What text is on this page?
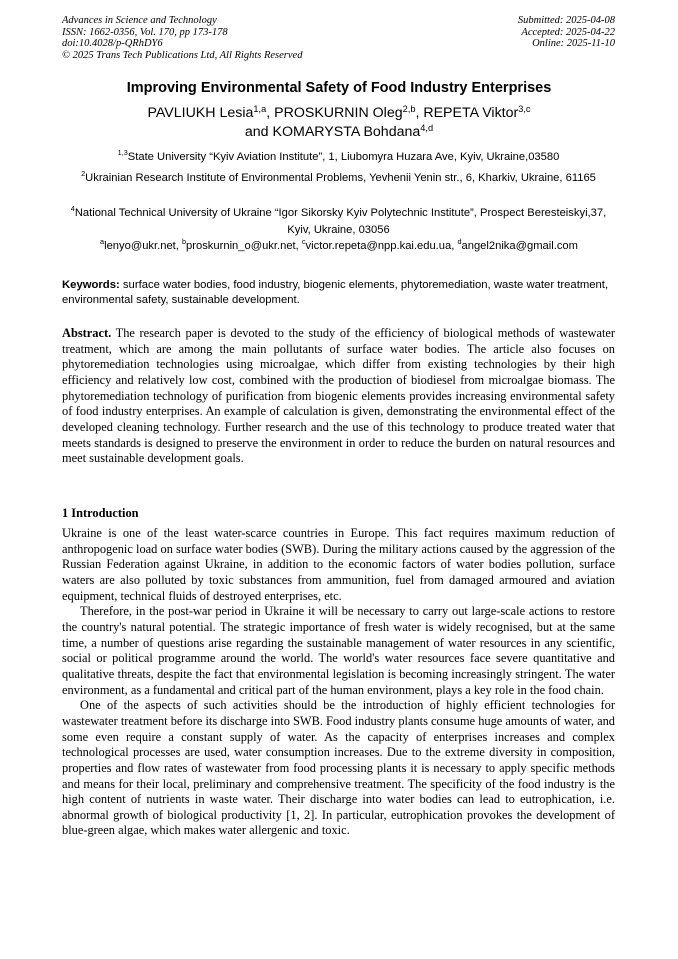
Advances in Science and Technology
ISSN: 1662-0356, Vol. 170, pp 173-178
doi:10.4028/p-QRhDY6
© 2025 Trans Tech Publications Ltd, All Rights Reserved
Submitted: 2025-04-08
Accepted: 2025-04-22
Online: 2025-11-10
Improving Environmental Safety of Food Industry Enterprises
PAVLIUKH Lesia$^{1,a}$, PROSKURNIN Oleg$^{2,b}$, REPETA Viktor$^{3,c}$
and KOMARYSTA Bohdana$^{4,d}$
$^{1,3}$State University “Kyiv Aviation Institute”, 1, Liubomyra Huzara Ave, Kyiv, Ukraine,03580
$^2$Ukrainian Research Institute of Environmental Problems, Yevhenii Yenin str., 6, Kharkiv, Ukraine, 61165
$^4$National Technical University of Ukraine “Igor Sikorsky Kyiv Polytechnic Institute”, Prospect Beresteiskyi,37, Kyiv, Ukraine, 03056
$^a$lenyo@ukr.net, $^b$proskurnin_o@ukr.net, $^c$victor.repeta@npp.kai.edu.ua, $^d$angel2nika@gmail.com
Keywords: surface water bodies, food industry, biogenic elements, phytoremediation, waste water treatment, environmental safety, sustainable development.
Abstract. The research paper is devoted to the study of the efficiency of biological methods of wastewater treatment, which are among the main pollutants of surface water bodies. The article also focuses on phytoremediation technologies using microalgae, which differ from existing technologies by their high efficiency and relatively low cost, combined with the production of biodiesel from microalgae biomass. The phytoremediation technology of purification from biogenic elements provides increasing environmental safety of food industry enterprises. An example of calculation is given, demonstrating the environmental effect of the developed cleaning technology. Further research and the use of this technology to produce treated water that meets standards is designed to preserve the environment in order to reduce the burden on natural resources and meet sustainable development goals.
1 Introduction

Ukraine is one of the least water-scarce countries in Europe. This fact requires maximum reduction of anthropogenic load on surface water bodies (SWB). During the military actions caused by the aggression of the Russian Federation against Ukraine, in addition to the economic factors of water bodies pollution, surface waters are also polluted by toxic substances from ammunition, fuel from damaged armoured and aviation equipment, technical fluids of destroyed enterprises, etc.

Therefore, in the post-war period in Ukraine it will be necessary to carry out large-scale actions to restore the country's natural potential. The strategic importance of fresh water is widely recognised, but at the same time, a number of questions arise regarding the sustainable management of water resources in any scientific, social or political programme around the world. The world's water resources face severe quantitative and qualitative threats, despite the fact that environmental legislation is becoming increasingly stringent. The water environment, as a fundamental and critical part of the human environment, plays a key role in the food chain.

One of the aspects of such activities should be the introduction of highly efficient technologies for wastewater treatment before its discharge into SWB. Food industry plants consume huge amounts of water, and some even require a constant supply of water. As the capacity of enterprises increases and complex technological processes are used, water consumption increases. Due to the extreme diversity in composition, properties and flow rates of wastewater from food processing plants it is necessary to apply specific methods and means for their local, preliminary and comprehensive treatment. The specificity of the food industry is the high content of nutrients in waste water. Their discharge into water bodies can lead to eutrophication, i.e. abnormal growth of biological productivity [1, 2]. In particular, eutrophication provokes the development of blue-green algae, which makes water allergenic and toxic.
